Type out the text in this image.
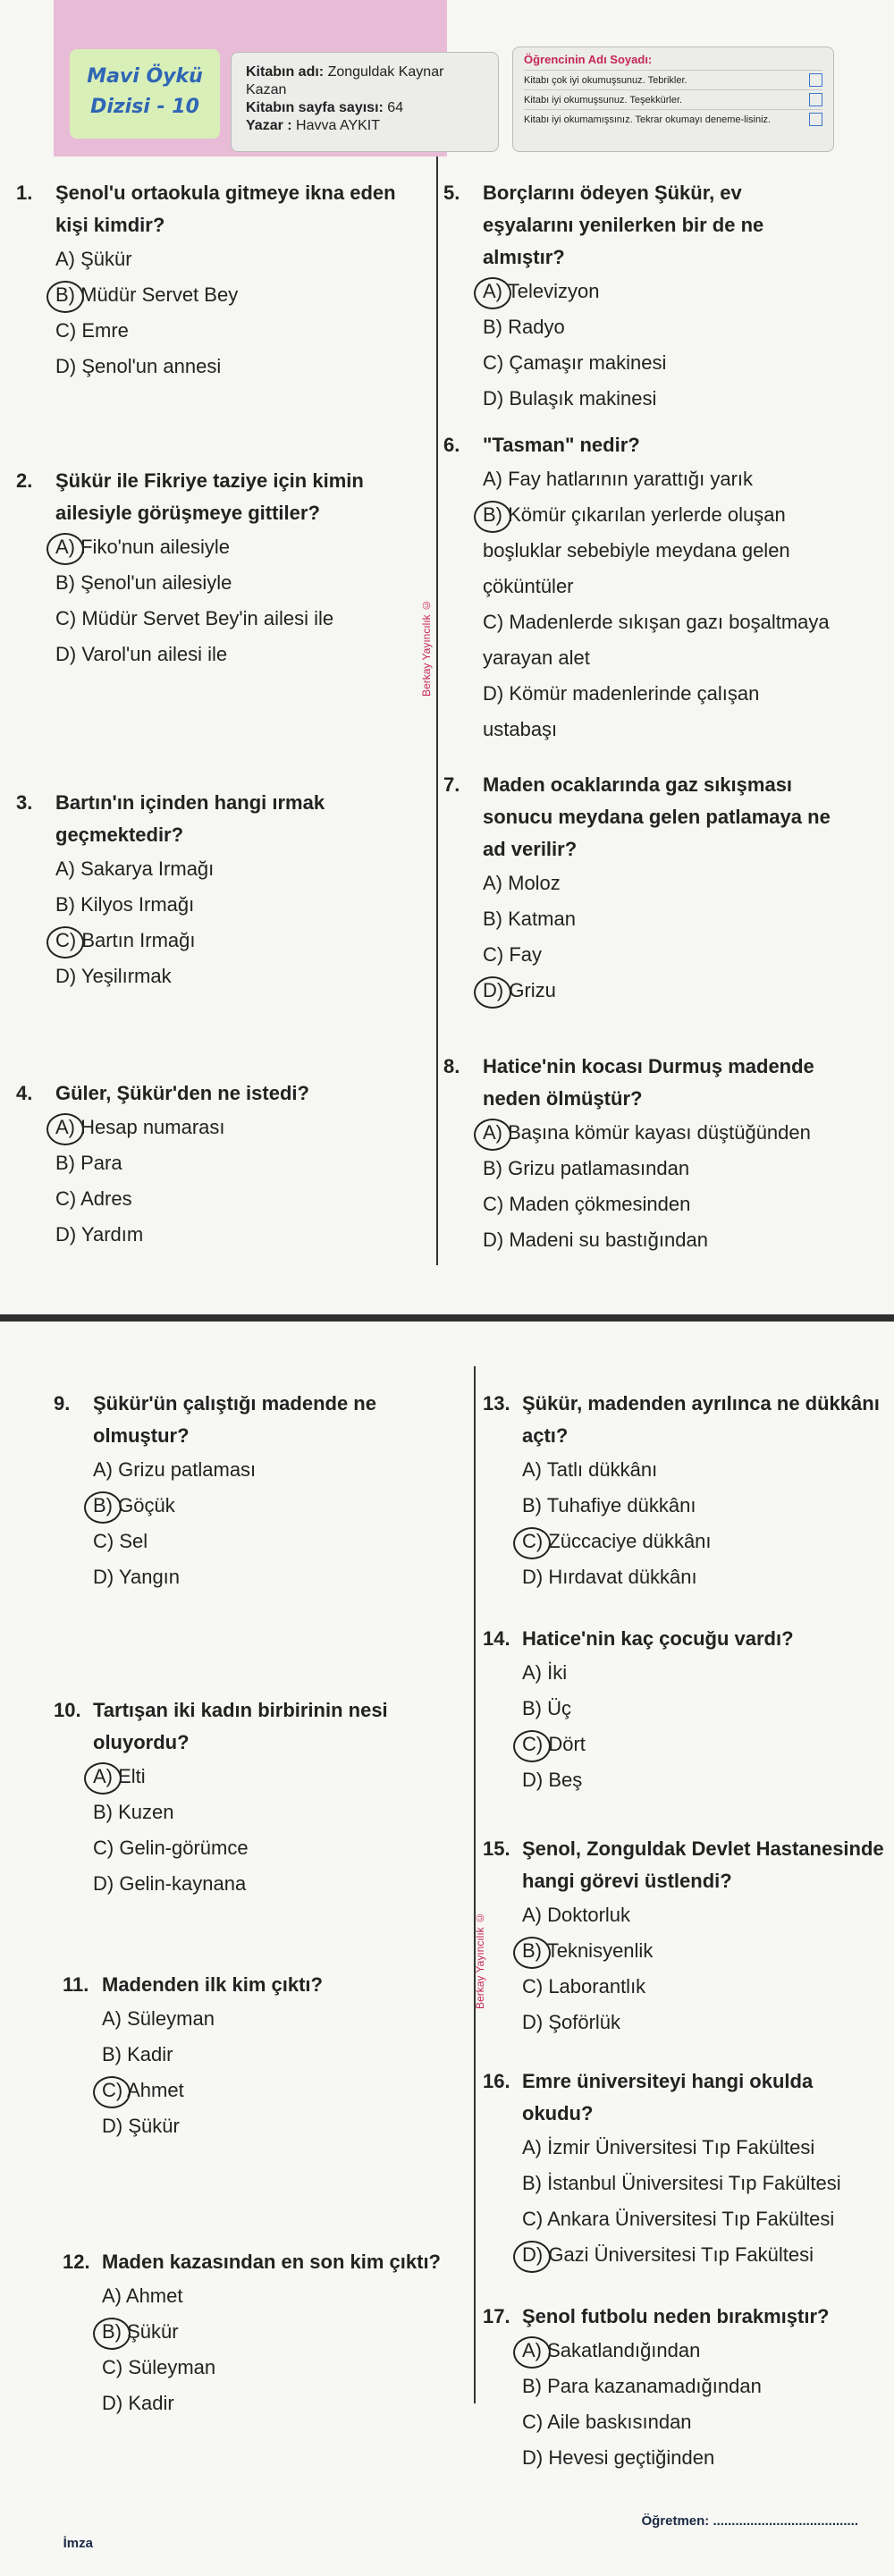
Mavi Öykü
Dizisi - 10
Kitabın adı: Zonguldak Kaynar Kazan
Kitabın sayfa sayısı: 64
Yazar : Havva AYKIT
Öğrencinin Adı Soyadı:
Kitabı çok iyi okumuşsunuz. Tebrikler.
Kitabı iyi okumuşsunuz. Teşekkürler.
Kitabı iyi okumamışsınız. Tekrar okumayı deneme-lisiniz.
Berkay Yayıncılık ©
Berkay Yayıncılık ©
Öğretmen: .......................................
İmza
1.	Şenol'u ortaokula gitmeye ikna eden kişi kimdir?
A) Şükür
B) Müdür Servet Bey
C) Emre
D) Şenol'un annesi
2.	Şükür ile Fikriye taziye için kimin ailesiyle görüşmeye gittiler?
A) Fiko'nun ailesiyle
B) Şenol'un ailesiyle
C) Müdür Servet Bey'in ailesi ile
D) Varol'un ailesi ile
3.	Bartın'ın içinden hangi ırmak geçmektedir?
A) Sakarya Irmağı
B) Kilyos Irmağı
C) Bartın Irmağı
D) Yeşilırmak
4.	Güler, Şükür'den ne istedi?
A) Hesap numarası
B) Para
C) Adres
D) Yardım
5.	Borçlarını ödeyen Şükür, ev eşyalarını yenilerken bir de ne almıştır?
A) Televizyon
B) Radyo
C) Çamaşır makinesi
D) Bulaşık makinesi
6.	"Tasman" nedir?
A) Fay hatlarının yarattığı yarık
B) Kömür çıkarılan yerlerde oluşan boşluklar sebebiyle meydana gelen çöküntüler
C) Madenlerde sıkışan gazı boşaltmaya yarayan alet
D) Kömür madenlerinde çalışan ustabaşı
7.	Maden ocaklarında gaz sıkışması sonucu meydana gelen patlamaya ne ad verilir?
A) Moloz
B) Katman
C) Fay
D) Grizu
8.	Hatice'nin kocası Durmuş madende neden ölmüştür?
A) Başına kömür kayası düştüğünden
B) Grizu patlamasından
C) Maden çökmesinden
D) Madeni su bastığından
9.	Şükür'ün çalıştığı madende ne olmuştur?
A) Grizu patlaması
B) Göçük
C) Sel
D) Yangın
10. Tartışan iki kadın birbirinin nesi oluyordu?
A) Elti
B) Kuzen
C) Gelin-görümce
D) Gelin-kaynana
11. Madenden ilk kim çıktı?
A) Süleyman
B) Kadir
C) Ahmet
D) Şükür
12. Maden kazasından en son kim çıktı?
A) Ahmet
B) Şükür
C) Süleyman
D) Kadir
13. Şükür, madenden ayrılınca ne dükkânı açtı?
A) Tatlı dükkânı
B) Tuhafiye dükkânı
C) Züccaciye dükkânı
D) Hırdavat dükkânı
14. Hatice'nin kaç çocuğu vardı?
A) İki
B) Üç
C) Dört
D) Beş
15. Şenol, Zonguldak Devlet Hastanesinde hangi görevi üstlendi?
A) Doktorluk
B) Teknisyenlik
C) Laborantlık
D) Şoförlük
16. Emre üniversiteyi hangi okulda okudu?
A) İzmir Üniversitesi Tıp Fakültesi
B) İstanbul Üniversitesi Tıp Fakültesi
C) Ankara Üniversitesi Tıp Fakültesi
D) Gazi Üniversitesi Tıp Fakültesi
17. Şenol futbolu neden bırakmıştır?
A) Sakatlandığından
B) Para kazanamadığından
C) Aile baskısından
D) Hevesi geçtiğinden
